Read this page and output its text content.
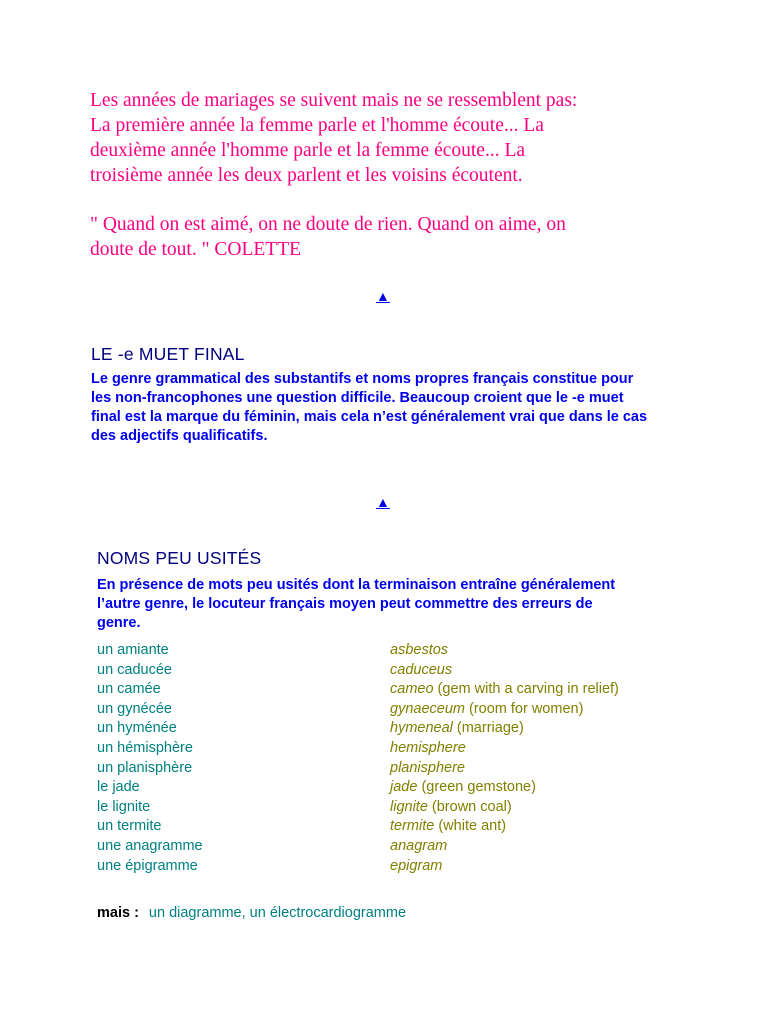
Les années de mariages se suivent mais ne se ressemblent pas:

La première année la femme parle et l'homme écoute... La

deuxième année l'homme parle et la femme écoute... La

troisième année les deux parlent et les voisins écoutent.

" Quand on est aimé, on ne doute de rien. Quand on aime, on

doute de tout. " COLETTE

▲
LE -e MUET FINAL

Le genre grammatical des substantifs et noms propres français constitue pour les non-francophones une question difficile. Beaucoup croient que le -e muet final est la marque du féminin, mais cela n’est généralement vrai que dans le cas des adjectifs qualificatifs.

▲
NOMS PEU USITÉS

En présence de mots peu usités dont la terminaison entraîne généralement l’autre genre, le locuteur français moyen peut commettre des erreurs de genre.

un amiante	asbestos
un caducée	caduceus
un camée	cameo (gem with a carving in relief)
un gynécée	gynaeceum (room for women)
un hyménée	hymeneal (marriage)
un hémisphère	hemisphere
un planisphère	planisphere
le jade	jade (green gemstone)
le lignite	lignite (brown coal)
un termite	termite (white ant)
une anagramme	anagram
une épigramme	epigram
mais : un diagramme, un électrocardiogramme
